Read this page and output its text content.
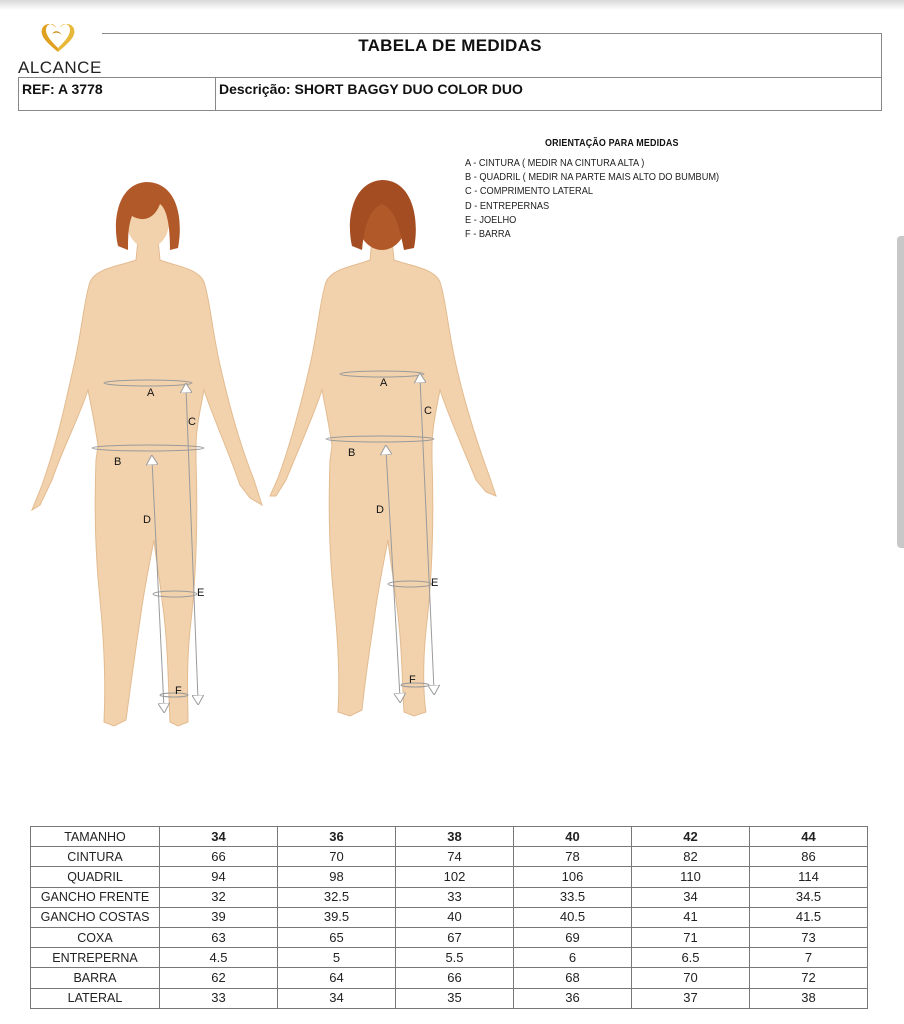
ALCANCE
TABELA DE MEDIDAS
REF: A 3778	Descrição: SHORT BAGGY DUO COLOR DUO
ORIENTAÇÃO PARA MEDIDAS
A - CINTURA ( MEDIR NA CINTURA ALTA )
B - QUADRIL ( MEDIR NA PARTE MAIS ALTO DO BUMBUM)
C - COMPRIMENTO LATERAL
D - ENTREPERNAS
E - JOELHO
F - BARRA
A
B
C
D
E
F
A
B
C
D
E
F
TAMANHO	34	36	38	40	42	44
CINTURA	66	70	74	78	82	86
QUADRIL	94	98	102	106	110	114
GANCHO FRENTE	32	32.5	33	33.5	34	34.5
GANCHO COSTAS	39	39.5	40	40.5	41	41.5
COXA	63	65	67	69	71	73
ENTREPERNA	4.5	5	5.5	6	6.5	7
BARRA	62	64	66	68	70	72
LATERAL	33	34	35	36	37	38
